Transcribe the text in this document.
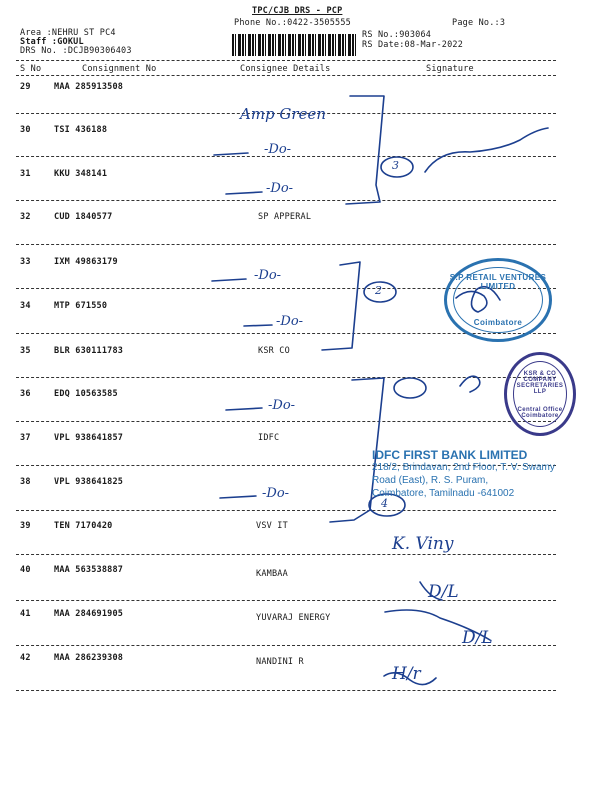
TPC/CJB DRS - PCP
Phone No.:0422-3505555	Page No.:3
Area :NEHRU ST PC4
Staff :GOKUL
DRS No. :DCJB90306403
RS No.:903064
RS Date:08-Mar-2022
S No	Consignment No	Consignee Details	Signature
29	MAA 285913508
30	TSI 436188
31	KKU 348141
32	CUD 1840577	SP APPERAL
33	IXM 49863179
34	MTP 671550
35	BLR 630111783	KSR CO
36	EDQ 10563585
37	VPL 938641857	IDFC
38	VPL 938641825
39	TEN 7170420	VSV IT
40	MAA 563538887	KAMBAA
41	MAA 284691905	YUVARAJ ENERGY
42	MAA 286239308	NANDINI R
Amp Green
-Do-
-Do-
-Do-
-Do-
-Do-
-Do-
3
2
4
K. Viny
D/L
D/L
H/r
S.P RETAIL VENTURES LIMITED
Coimbatore
KSR & CO COMPANY SECRETARIES LLP
Central Office Coimbatore
IDFC FIRST BANK LIMITED
218/2, Brindavan, 2nd Floor, T. V. Swamy
Road (East), R. S. Puram,
Coimbatore, Tamilnadu -641002
